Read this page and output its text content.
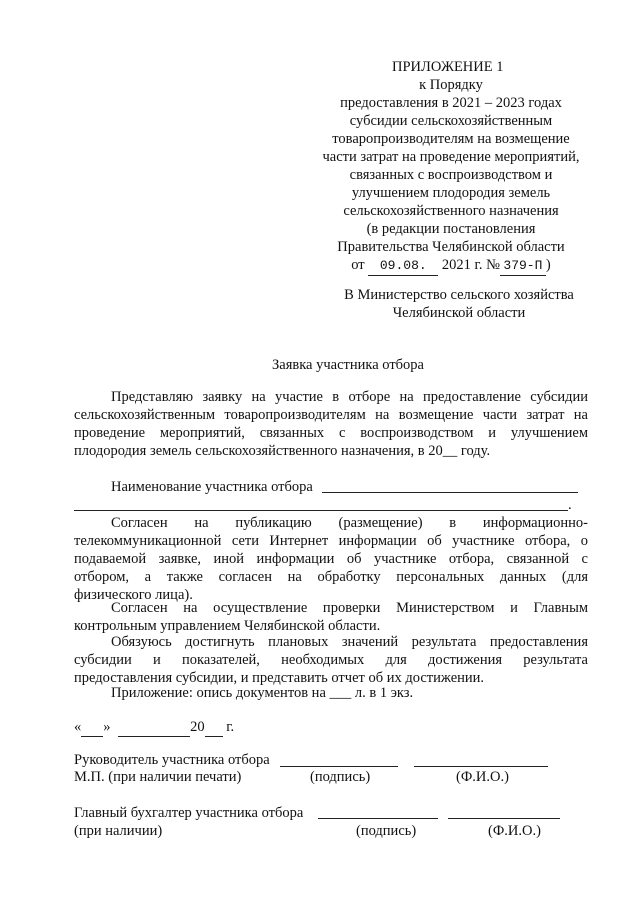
ПРИЛОЖЕНИЕ 1
к Порядку
предоставления в 2021 – 2023 годах
субсидии сельскохозяйственным
товаропроизводителям на возмещение
части затрат на проведение мероприятий,
связанных с воспроизводством и
улучшением плодородия земель
сельскохозяйственного назначения
(в редакции постановления
Правительства Челябинской области
от 09.08. 2021 г. № 379-П )
В Министерство сельского хозяйства
Челябинской области
Заявка участника отбора
Представляю заявку на участие в отборе на предоставление субсидии
сельскохозяйственным товаропроизводителям на возмещение части затрат на
проведение мероприятий, связанных с воспроизводством и улучшением
плодородия земель сельскохозяйственного назначения, в 20__ году.
Наименование участника отбора
.
Согласен на публикацию (размещение) в информационно-
телекоммуникационной сети Интернет информации об участнике отбора, о
подаваемой заявке, иной информации об участнике отбора, связанной с
отбором, а также согласен на обработку персональных данных (для
физического лица).
Согласен на осуществление проверки Министерством и Главным
контрольным управлением Челябинской области.
Обязуюсь достигнуть плановых значений результата предоставления
субсидии и показателей, необходимых для достижения результата
предоставления субсидии, и представить отчет об их достижении.
Приложение: опись документов на ___ л. в 1 экз.
« »	20 г.
Руководитель участника отбора
М.П. (при наличии печати)	(подпись)	(Ф.И.О.)
Главный бухгалтер участника отбора
(при наличии)	(подпись)	(Ф.И.О.)
